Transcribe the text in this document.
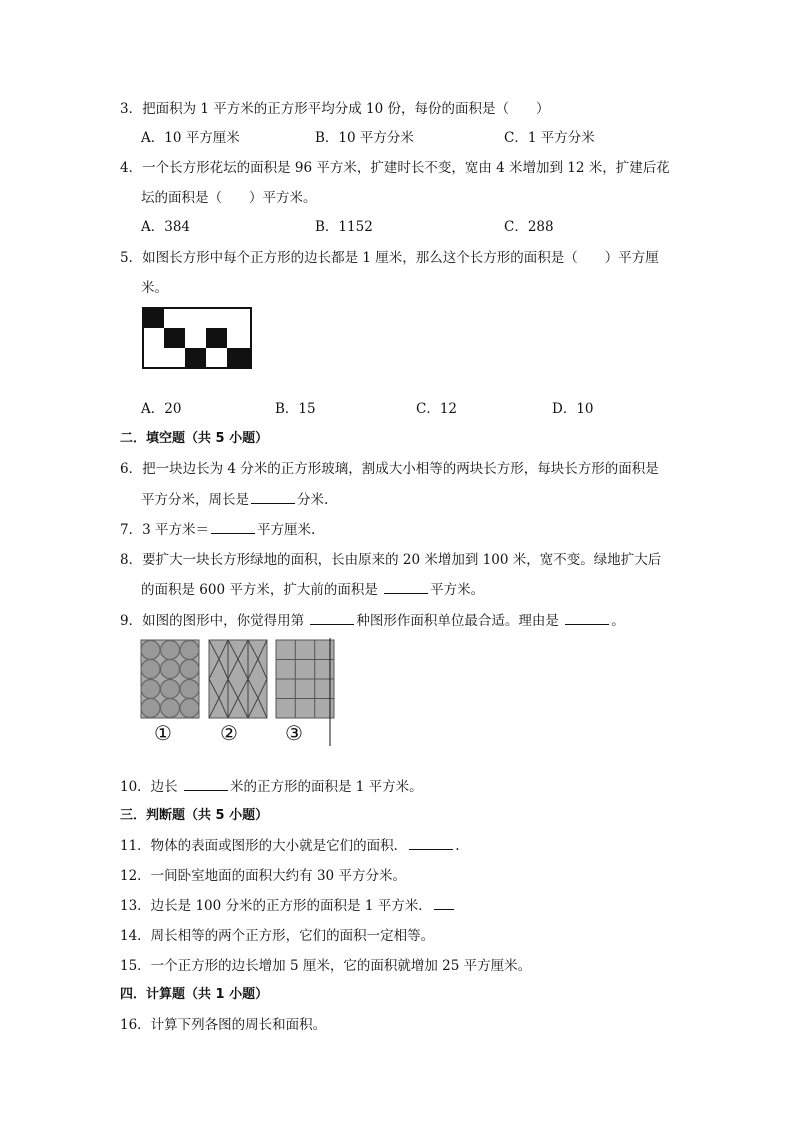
3．把面积为 1 平方米的正方形平均分成 10 份，每份的面积是（　　）
A．10 平方厘米	B．10 平方分米	C．1 平方分米
4．一个长方形花坛的面积是 96 平方米，扩建时长不变，宽由 4 米增加到 12 米，扩建后花
坛的面积是（　　）平方米。
A．384	B．1152	C．288
5．如图长方形中每个正方形的边长都是 1 厘米，那么这个长方形的面积是（　　）平方厘
米。
A．20	B．15	C．12	D．10
二．填空题（共 5 小题）
6．把一块边长为 4 分米的正方形玻璃，割成大小相等的两块长方形，每块长方形的面积是
平方分米，周长是	分米.
7．3 平方米＝	平方厘米.
8．要扩大一块长方形绿地的面积，长由原来的 20 米增加到 100 米，宽不变。绿地扩大后
的面积是 600 平方米，扩大前的面积是	平方米。
9．如图的图形中，你觉得用第	种图形作面积单位最合适。理由是	。
① ② ③
10．边长	米的正方形的面积是 1 平方米。
三．判断题（共 5 小题）
11．物体的表面或图形的大小就是它们的面积．	.
12．一间卧室地面的面积大约有 30 平方分米。
13．边长是 100 分米的正方形的面积是 1 平方米．
14．周长相等的两个正方形，它们的面积一定相等。
15．一个正方形的边长增加 5 厘米，它的面积就增加 25 平方厘米。
四．计算题（共 1 小题）
16．计算下列各图的周长和面积。
